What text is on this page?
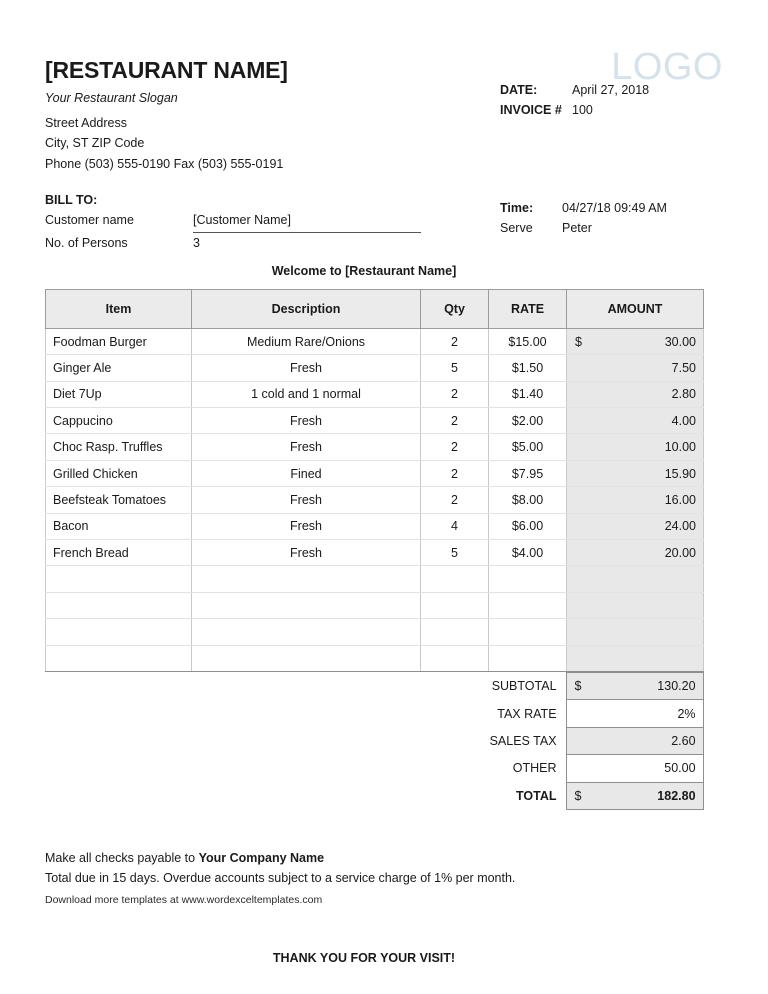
LOGO
[RESTAURANT NAME]
Your Restaurant Slogan
Street Address
City, ST ZIP Code
Phone (503) 555-0190 Fax (503) 555-0191
DATE:	April 27, 2018
INVOICE # 100
BILL TO:
Customer name	[Customer Name]
No. of Persons	3
Time:	04/27/18 09:49 AM
Serve	Peter
Welcome to [Restaurant Name]
Item	Description	Qty	RATE	AMOUNT
Foodman Burger	Medium Rare/Onions	2	$15.00	$ 30.00
Ginger Ale	Fresh	5	$1.50	7.50
Diet 7Up	1 cold and 1 normal	2	$1.40	2.80
Cappucino	Fresh	2	$2.00	4.00
Choc Rasp. Truffles	Fresh	2	$5.00	10.00
Grilled Chicken	Fined	2	$7.95	15.90
Beefsteak Tomatoes	Fresh	2	$8.00	16.00
Bacon	Fresh	4	$6.00	24.00
French Bread	Fresh	5	$4.00	20.00

	SUBTOTAL	$ 130.20
	TAX RATE	2%
	SALES TAX	2.60
	OTHER	50.00
	TOTAL	$ 182.80
Make all checks payable to Your Company Name
Total due in 15 days. Overdue accounts subject to a service charge of 1% per month.
Download more templates at www.wordexceltemplates.com
THANK YOU FOR YOUR VISIT!
